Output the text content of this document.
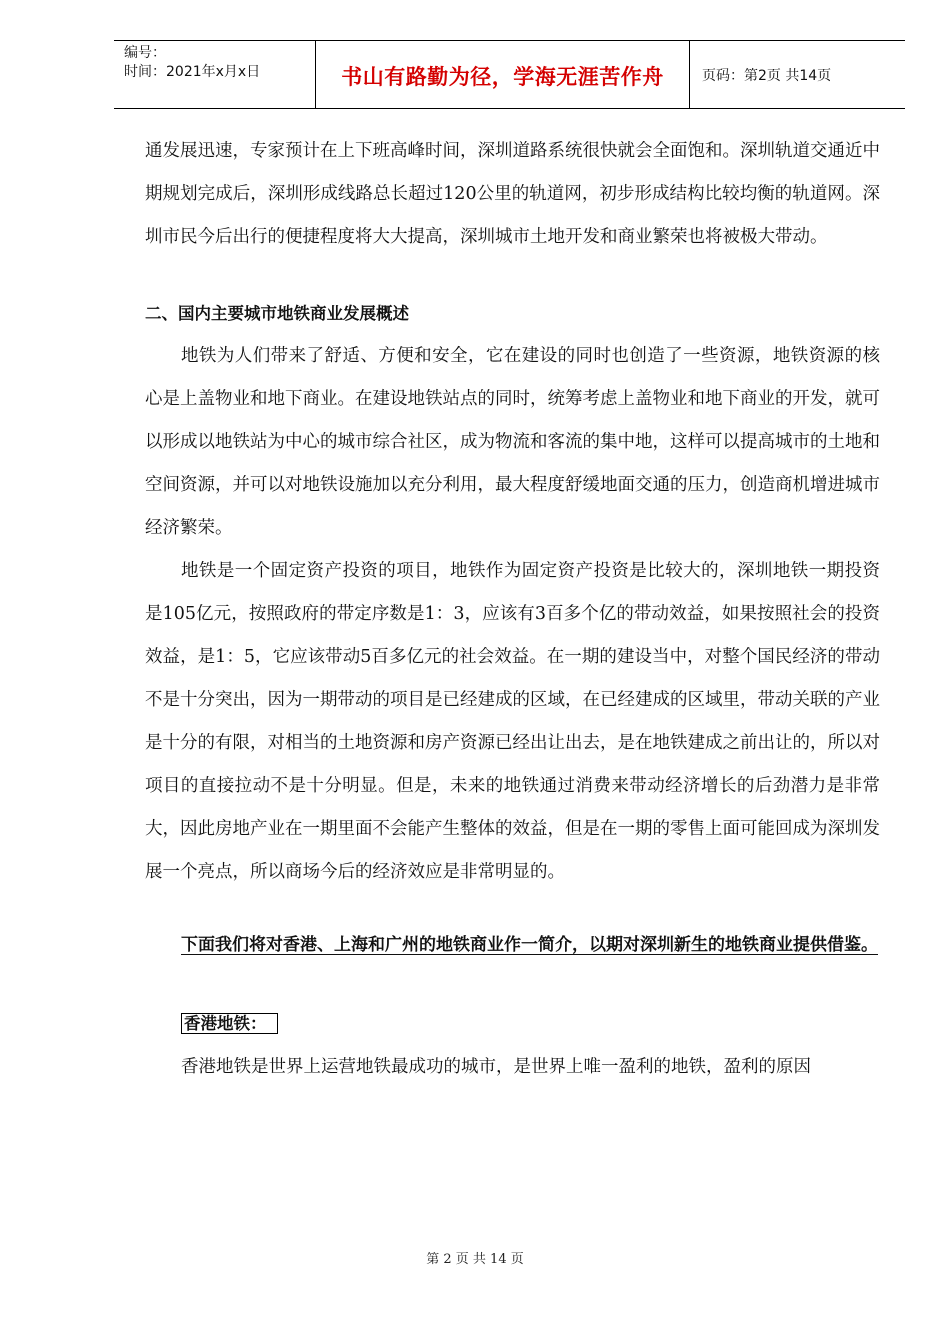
编号：
时间：2021年x月x日	书山有路勤为径，学海无涯苦作舟	页码：第2页 共14页

通发展迅速，专家预计在上下班高峰时间，深圳道路系统很快就会全面饱和。深圳轨道交通近中期规划完成后，深圳形成线路总长超过120公里的轨道网，初步形成结构比较均衡的轨道网。深圳市民今后出行的便捷程度将大大提高，深圳城市土地开发和商业繁荣也将被极大带动。

二、国内主要城市地铁商业发展概述

地铁为人们带来了舒适、方便和安全，它在建设的同时也创造了一些资源，地铁资源的核心是上盖物业和地下商业。在建设地铁站点的同时，统筹考虑上盖物业和地下商业的开发，就可以形成以地铁站为中心的城市综合社区，成为物流和客流的集中地，这样可以提高城市的土地和空间资源，并可以对地铁设施加以充分利用，最大程度舒缓地面交通的压力，创造商机增进城市经济繁荣。

地铁是一个固定资产投资的项目，地铁作为固定资产投资是比较大的，深圳地铁一期投资是105亿元，按照政府的带定序数是1：3，应该有3百多个亿的带动效益，如果按照社会的投资效益，是1：5，它应该带动5百多亿元的社会效益。在一期的建设当中，对整个国民经济的带动不是十分突出，因为一期带动的项目是已经建成的区域，在已经建成的区域里，带动关联的产业是十分的有限，对相当的土地资源和房产资源已经出让出去，是在地铁建成之前出让的，所以对项目的直接拉动不是十分明显。但是，未来的地铁通过消费来带动经济增长的后劲潜力是非常大，因此房地产业在一期里面不会能产生整体的效益，但是在一期的零售上面可能回成为深圳发展一个亮点，所以商场今后的经济效应是非常明显的。

下面我们将对香港、上海和广州的地铁商业作一简介，以期对深圳新生的地铁商业提供借鉴。

香港地铁：

香港地铁是世界上运营地铁最成功的城市，是世界上唯一盈利的地铁，盈利的原因

第 2 页 共 14 页
